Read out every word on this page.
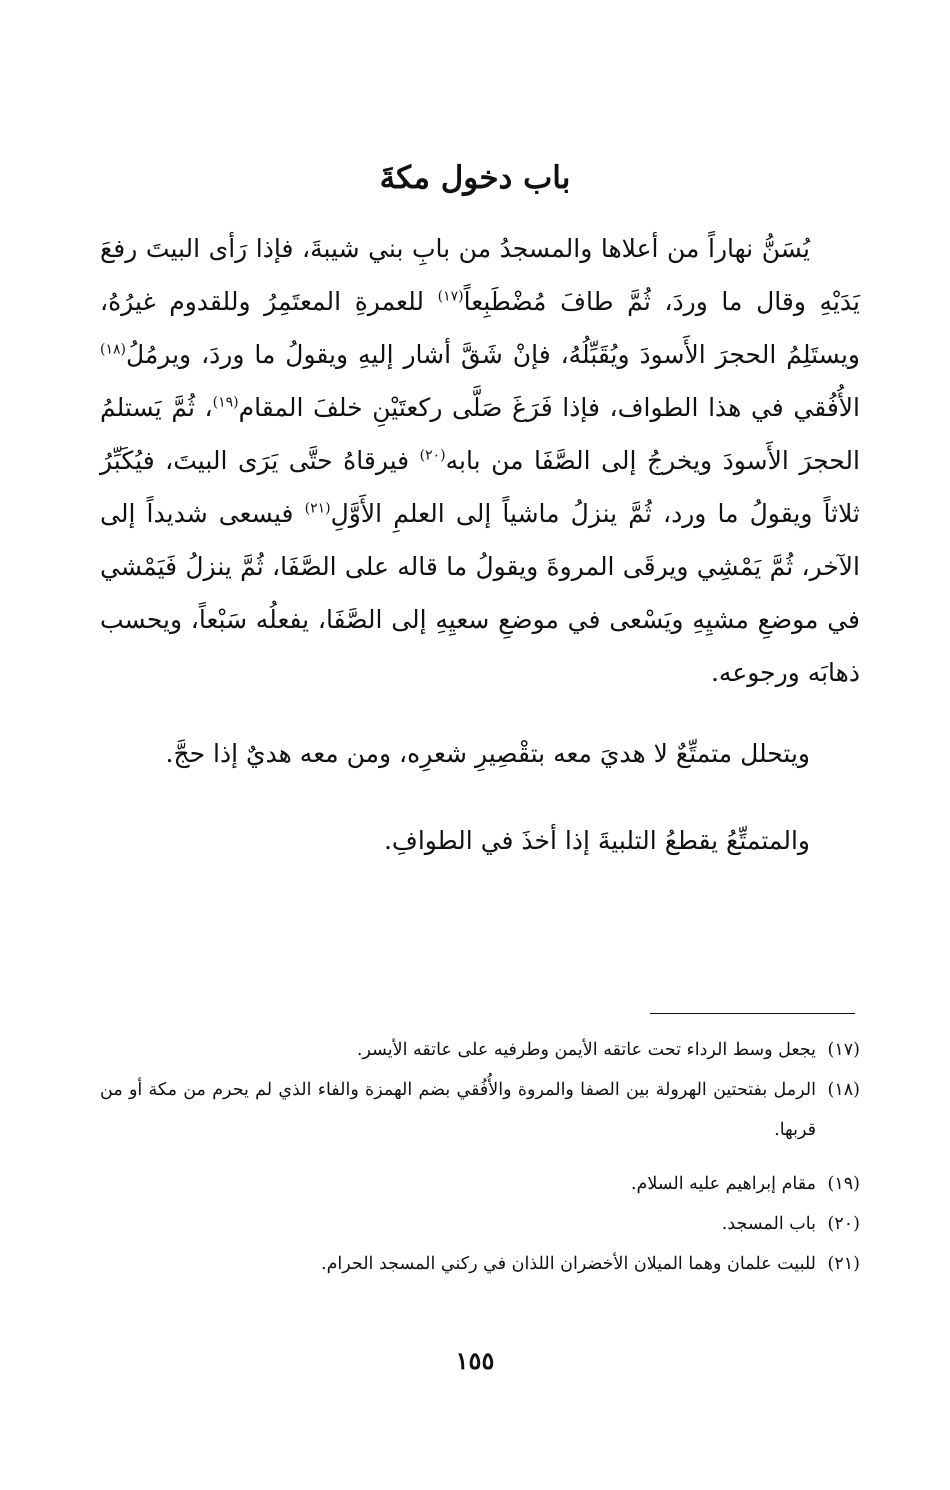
باب دخول مكةَ

يُسَنُّ نهاراً من أعلاها والمسجدُ من بابِ بني شيبةَ، فإذا رَأى البيتَ رفعَ يَدَيْهِ وقال ما وردَ، ثُمَّ طافَ مُضْطَبِعاً$^{(١٧)}$ للعمرةِ المعتَمِرُ وللقدوم غيرُهُ، ويستَلِمُ الحجرَ الأَسودَ ويُقَبِّلُهُ، فإنْ شَقَّ أشار إليهِ ويقولُ ما وردَ، ويرمُلُ$^{(١٨)}$ الأُفُقي في هذا الطواف، فإذا فَرَغَ صَلَّى ركعتَيْنِ خلفَ المقام$^{(١٩)}$، ثُمَّ يَستلمُ الحجرَ الأَسودَ ويخرجُ إلى الصَّفَا من بابه$^{(٢٠)}$ فيرقاهُ حتَّى يَرَى البيتَ، فيُكَبِّرُ ثلاثاً ويقولُ ما ورد، ثُمَّ ينزلُ ماشياً إلى العلمِ الأَوَّلِ$^{(٢١)}$ فيسعى شديداً إلى الآخر، ثُمَّ يَمْشِي ويرقَى المروةَ ويقولُ ما قاله على الصَّفَا، ثُمَّ ينزلُ فَيَمْشي في موضعِ مشيِهِ ويَسْعى في موضعِ سعيِهِ إلى الصَّفَا، يفعلُه سَبْعاً، ويحسب ذهابَه ورجوعه.

ويتحلل متمتِّعٌ لا هديَ معه بتقْصِيرِ شعرِه، ومن معه هديٌ إذا حجَّ.

والمتمتِّعُ يقطعُ التلبيةَ إذا أخذَ في الطوافِ.

(١٧)
يجعل وسط الرداء تحت عاتقه الأيمن وطرفيه على عاتقه الأيسر.
(١٨)
الرمل بفتحتين الهرولة بين الصفا والمروة والأُفُقي بضم الهمزة والفاء الذي لم يحرم من مكة أو من قربها.
(١٩)
مقام إبراهيم عليه السلام.
(٢٠)
باب المسجد.
(٢١)
للبيت علمان وهما الميلان الأخضران اللذان في ركني المسجد الحرام.
١٥٥
